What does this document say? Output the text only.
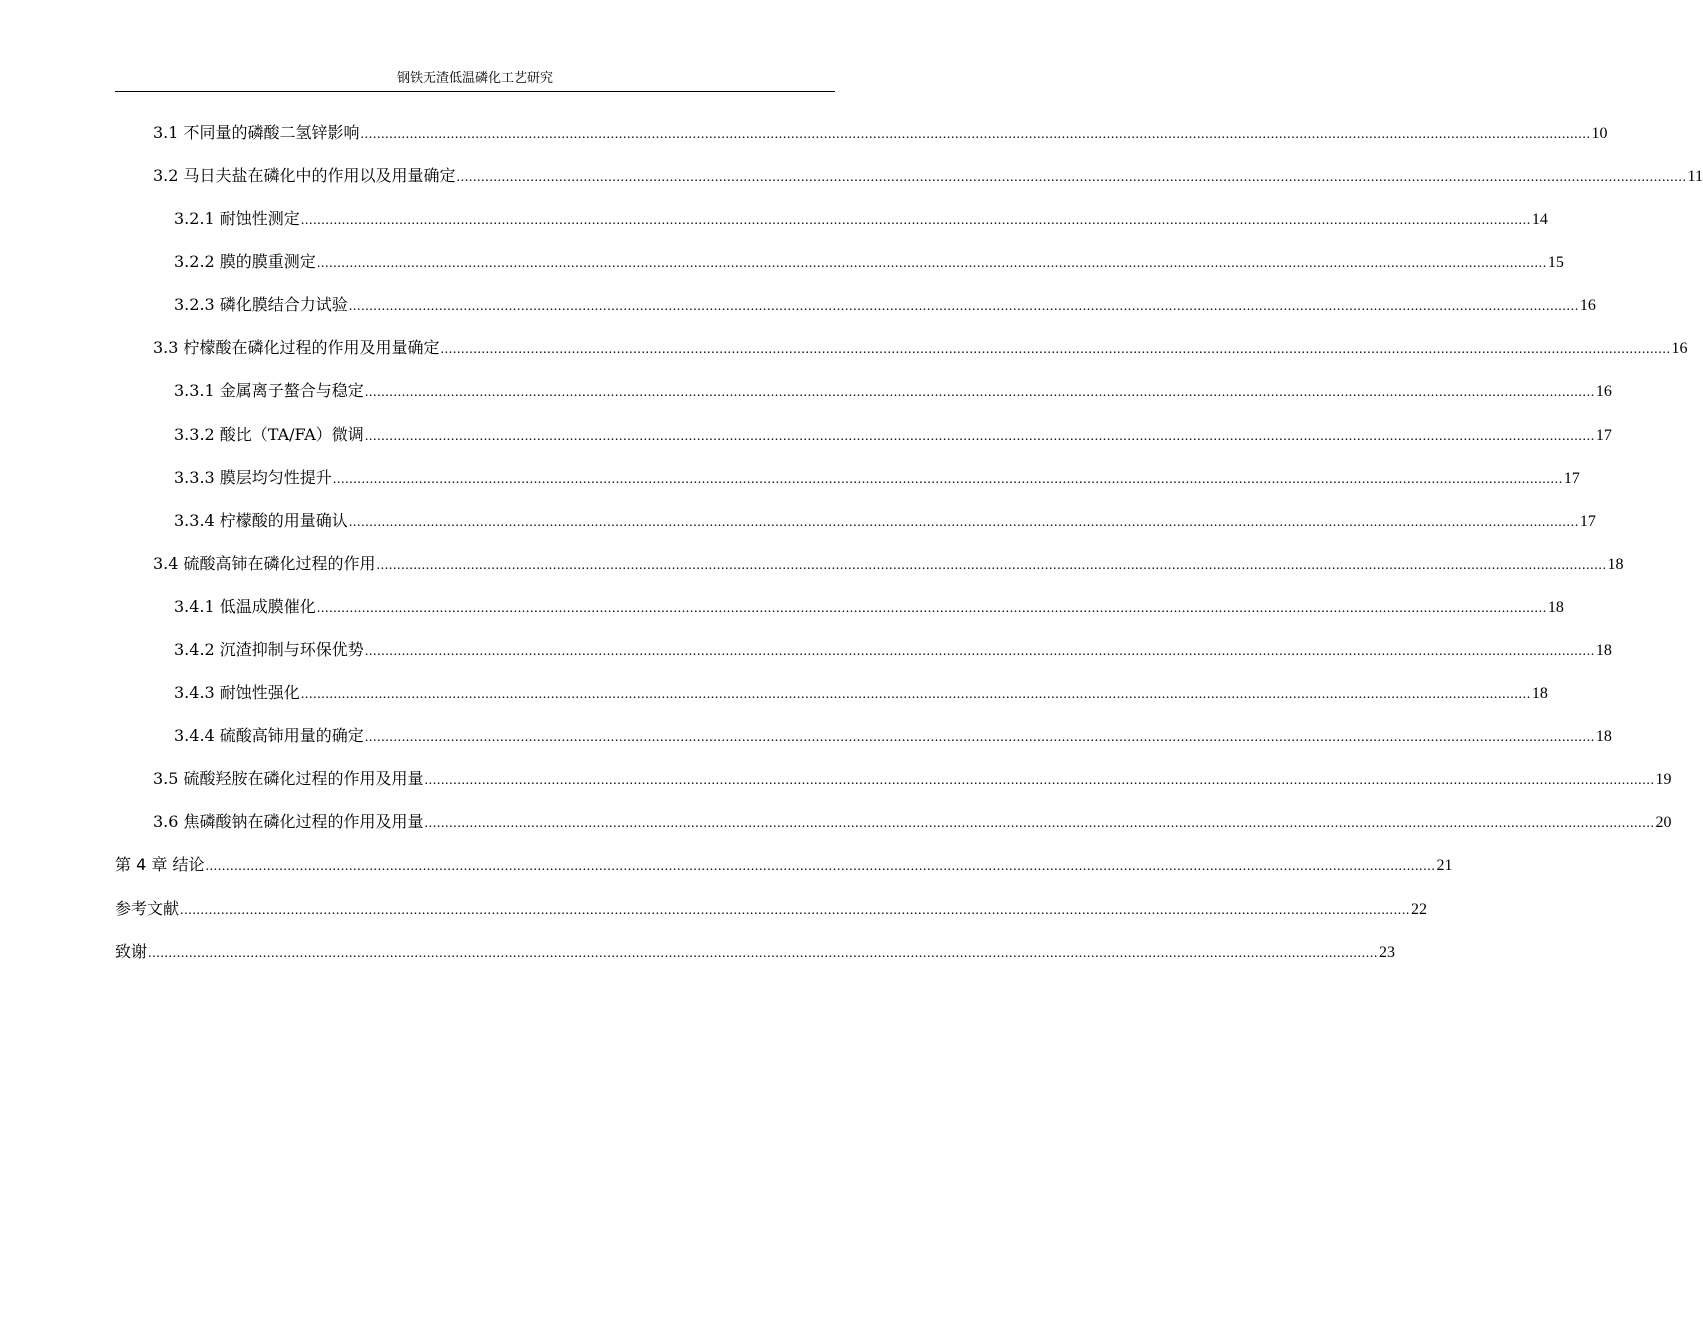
钢铁无渣低温磷化工艺研究
3.1 不同量的磷酸二氢锌影响 ............................................................................................................................................................................................................................................................................................................ 10
3.2 马日夫盐在磷化中的作用以及用量确定 ............................................................................................................................................................................................................................................................................................................ 11
3.2.1 耐蚀性测定 ............................................................................................................................................................................................................................................................................................................ 14
3.2.2 膜的膜重测定 ............................................................................................................................................................................................................................................................................................................ 15
3.2.3 磷化膜结合力试验 ............................................................................................................................................................................................................................................................................................................ 16
3.3 柠檬酸在磷化过程的作用及用量确定 ............................................................................................................................................................................................................................................................................................................ 16
3.3.1 金属离子螯合与稳定 ............................................................................................................................................................................................................................................................................................................ 16
3.3.2 酸比（TA/FA）微调 ............................................................................................................................................................................................................................................................................................................ 17
3.3.3 膜层均匀性提升 ............................................................................................................................................................................................................................................................................................................ 17
3.3.4 柠檬酸的用量确认 ............................................................................................................................................................................................................................................................................................................ 17
3.4 硫酸高铈在磷化过程的作用 ............................................................................................................................................................................................................................................................................................................ 18
3.4.1 低温成膜催化 ............................................................................................................................................................................................................................................................................................................ 18
3.4.2 沉渣抑制与环保优势 ............................................................................................................................................................................................................................................................................................................ 18
3.4.3 耐蚀性强化 ............................................................................................................................................................................................................................................................................................................ 18
3.4.4 硫酸高铈用量的确定 ............................................................................................................................................................................................................................................................................................................ 18
3.5 硫酸羟胺在磷化过程的作用及用量 ............................................................................................................................................................................................................................................................................................................ 19
3.6 焦磷酸钠在磷化过程的作用及用量 ............................................................................................................................................................................................................................................................................................................ 20
第 4 章 结论 ............................................................................................................................................................................................................................................................................................................ 21
参考文献 ............................................................................................................................................................................................................................................................................................................ 22
致谢 ............................................................................................................................................................................................................................................................................................................ 23
